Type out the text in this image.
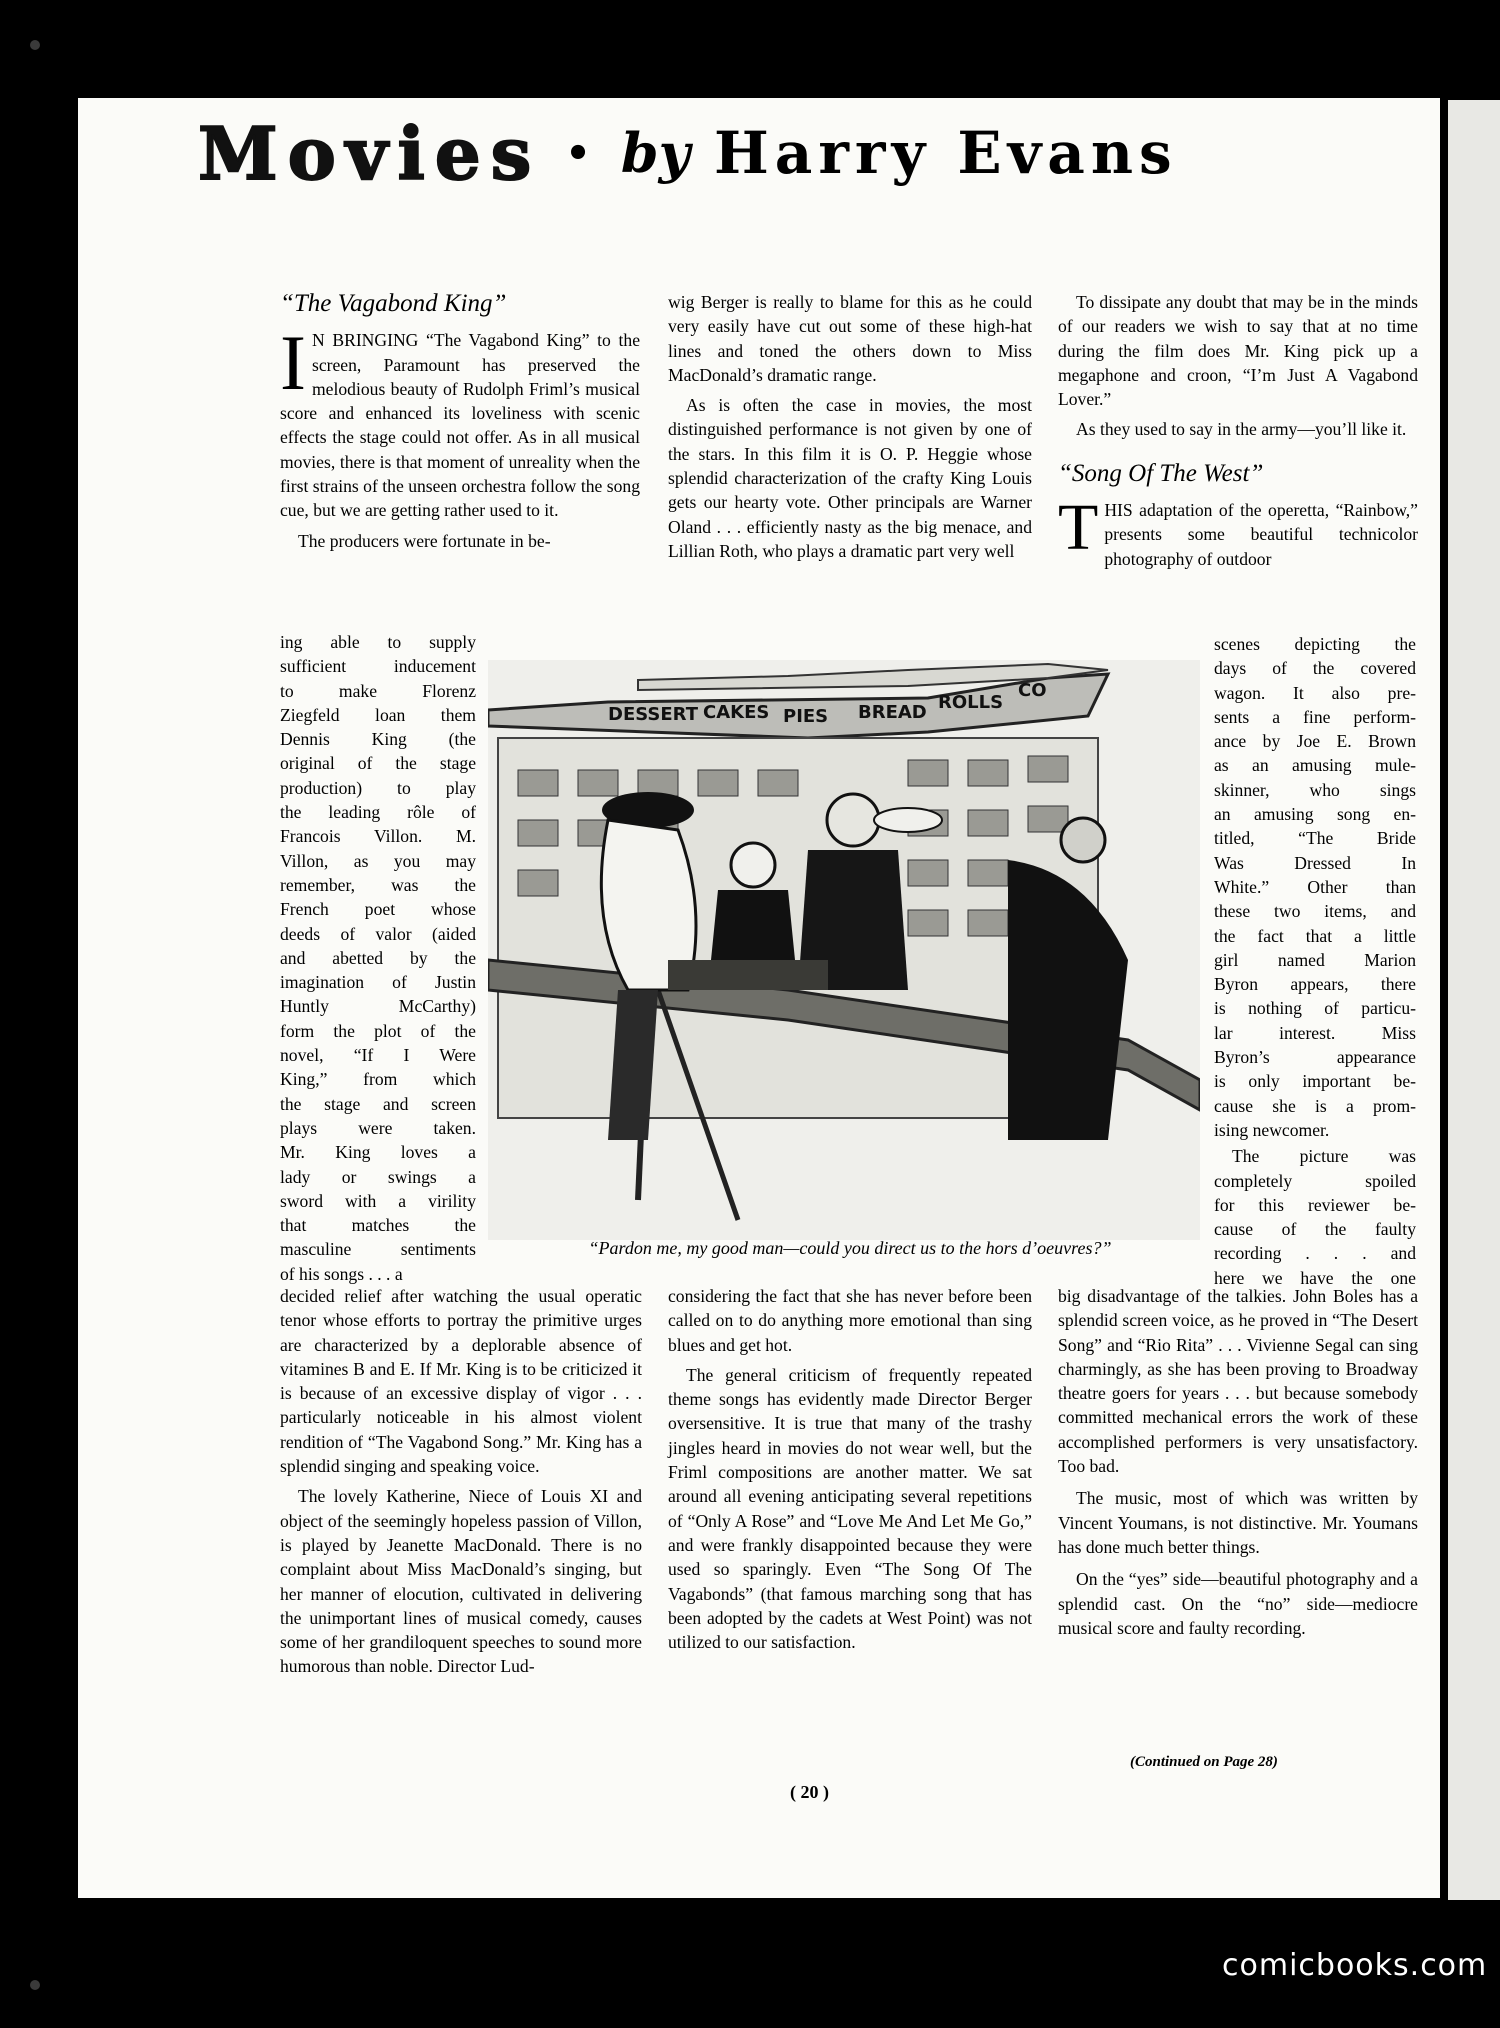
Movies • by Harry Evans
“The Vagabond King”

I N BRINGING “The Vagabond King” to the screen, Paramount has preserved the melodious beauty of Rudolph Friml’s musical score and enhanced its loveliness with scenic effects the stage could not offer. As in all musical movies, there is that moment of unreality when the first strains of the unseen orchestra follow the song cue, but we are getting rather used to it.

The producers were fortunate in be-

ing able to supply
sufficient inducement
to make Florenz
Ziegfeld loan them
Dennis King (the
original of the stage
production) to play
the leading rôle of
Francois Villon. M.
Villon, as you may
remember, was the
French poet whose
deeds of valor (aided
and abetted by the
imagination of Justin
Huntly McCarthy)
form the plot of the
novel, “If I Were
King,” from which
the stage and screen
plays were taken.
Mr. King loves a
lady or swings a
sword with a virility
that matches the
masculine sentiments
of his songs . . . a

decided relief after watching the usual operatic tenor whose efforts to portray the primitive urges are characterized by a deplorable absence of vitamines B and E. If Mr. King is to be criticized it is because of an excessive display of vigor . . . particularly noticeable in his almost violent rendition of “The Vagabond Song.” Mr. King has a splendid singing and speaking voice.

The lovely Katherine, Niece of Louis XI and object of the seemingly hopeless passion of Villon, is played by Jeanette MacDonald. There is no complaint about Miss MacDonald’s singing, but her manner of elocution, cultivated in delivering the unimportant lines of musical comedy, causes some of her grandiloquent speeches to sound more humorous than noble. Director Lud-

wig Berger is really to blame for this as he could very easily have cut out some of these high-hat lines and toned the others down to Miss MacDonald’s dramatic range.

As is often the case in movies, the most distinguished performance is not given by one of the stars. In this film it is O. P. Heggie whose splendid characterization of the crafty King Louis gets our hearty vote. Other principals are Warner Oland . . . efficiently nasty as the big menace, and Lillian Roth, who plays a dramatic part very well

considering the fact that she has never before been called on to do anything more emotional than sing blues and get hot.

The general criticism of frequently repeated theme songs has evidently made Director Berger oversensitive. It is true that many of the trashy jingles heard in movies do not wear well, but the Friml compositions are another matter. We sat around all evening anticipating several repetitions of “Only A Rose” and “Love Me And Let Me Go,” and were frankly disappointed because they were used so sparingly. Even “The Song Of The Vagabonds” (that famous marching song that has been adopted by the cadets at West Point) was not utilized to our satisfaction.

To dissipate any doubt that may be in the minds of our readers we wish to say that at no time during the film does Mr. King pick up a megaphone and croon, “I’m Just A Vagabond Lover.”

As they used to say in the army—you’ll like it.

“Song Of The West”

THIS adaptation of the operetta, “Rainbow,” presents some beautiful technicolor photography of outdoor

scenes depicting the
days of the covered
wagon. It also pre-
sents a fine perform-
ance by Joe E. Brown
as an amusing mule-
skinner, who sings
an amusing song en-
titled, “The Bride
Was Dressed In
White.” Other than
these two items, and
the fact that a little
girl named Marion
Byron appears, there
is nothing of particu-
lar interest. Miss
Byron’s appearance
is only important be-
cause she is a prom-
ising newcomer.
The picture was
completely spoiled
for this reviewer be-
cause of the faulty
recording . . . and
here we have the one

big disadvantage of the talkies. John Boles has a splendid screen voice, as he proved in “The Desert Song” and “Rio Rita” . . . Vivienne Segal can sing charmingly, as she has been proving to Broadway theatre goers for years . . . but because somebody committed mechanical errors the work of these accomplished performers is very unsatisfactory. Too bad.

The music, most of which was written by Vincent Youmans, is not distinctive. Mr. Youmans has done much better things.

On the “yes” side—beautiful photography and a splendid cast. On the “no” side—mediocre musical score and faulty recording.

DESSERT CAKES PIES BREAD ROLLS
CO
“Pardon me, my good man—could you direct us to the hors d’oeuvres?”
(Continued on Page 28)
( 20 )
comicbooks.com
